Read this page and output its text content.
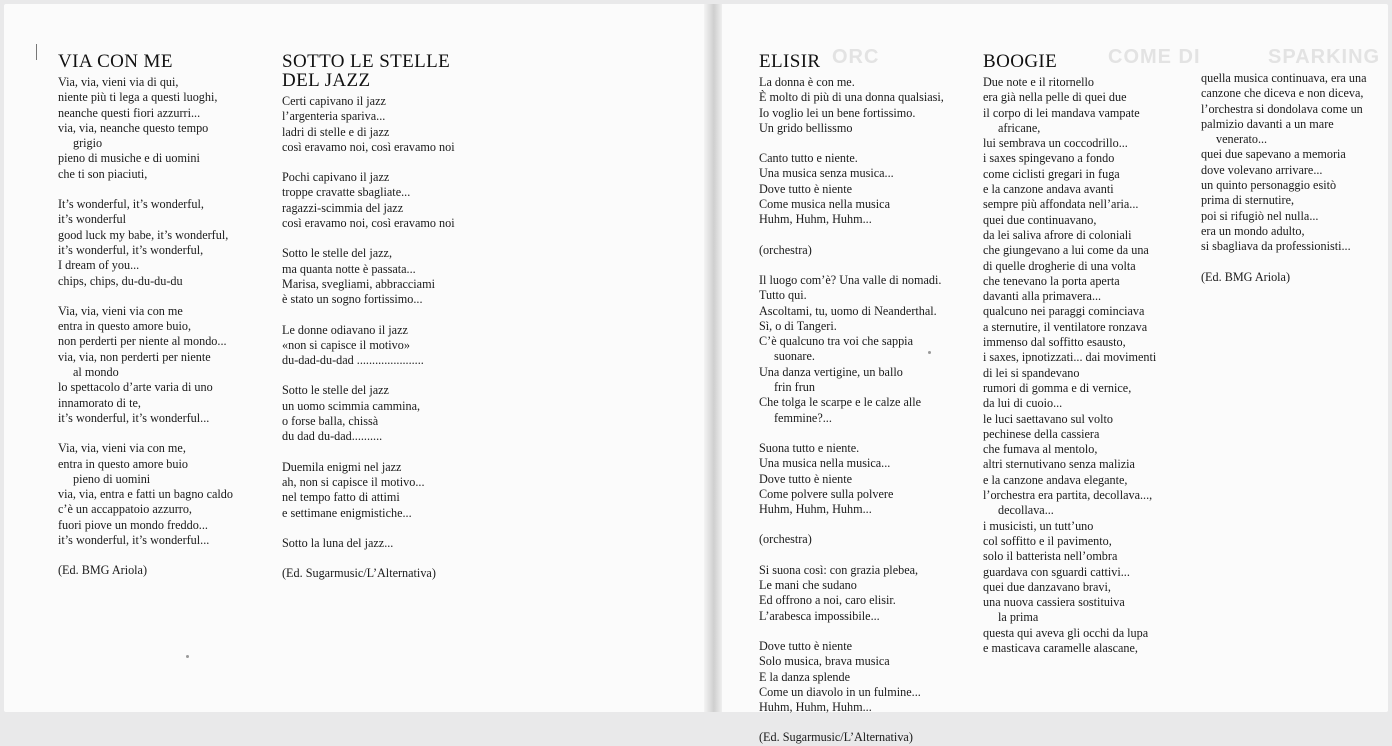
ORC	COME DI	SPARKING
VIA CON ME
Via, via, vieni via di qui,
niente più ti lega a questi luoghi,
neanche questi fiori azzurri...
via, via, neanche questo tempo
grigio
pieno di musiche e di uomini
che ti son piaciuti,
It’s wonderful, it’s wonderful,
it’s wonderful
good luck my babe, it’s wonderful,
it’s wonderful, it’s wonderful,
I dream of you...
chips, chips, du-du-du-du
Via, via, vieni via con me
entra in questo amore buio,
non perderti per niente al mondo...
via, via, non perderti per niente
al mondo
lo spettacolo d’arte varia di uno
innamorato di te,
it’s wonderful, it’s wonderful...
Via, via, vieni via con me,
entra in questo amore buio
pieno di uomini
via, via, entra e fatti un bagno caldo
c’è un accappatoio azzurro,
fuori piove un mondo freddo...
it’s wonderful, it’s wonderful...
(Ed. BMG Ariola)
SOTTO LE STELLE
DEL JAZZ
Certi capivano il jazz
l’argenteria spariva...
ladri di stelle e di jazz
così eravamo noi, così eravamo noi
Pochi capivano il jazz
troppe cravatte sbagliate...
ragazzi-scimmia del jazz
così eravamo noi, così eravamo noi
Sotto le stelle del jazz,
ma quanta notte è passata...
Marisa, svegliami, abbracciami
è stato un sogno fortissimo...
Le donne odiavano il jazz
«non si capisce il motivo»
du-dad-du-dad ......................
Sotto le stelle del jazz
un uomo scimmia cammina,
o forse balla, chissà
du dad du-dad..........
Duemila enigmi nel jazz
ah, non si capisce il motivo...
nel tempo fatto di attimi
e settimane enigmistiche...
Sotto la luna del jazz...
(Ed. Sugarmusic/L’Alternativa)
ELISIR
La donna è con me.
È molto di più di una donna qualsiasi,
Io voglio lei un bene fortissimo.
Un grido bellissmo
Canto tutto e niente.
Una musica senza musica...
Dove tutto è niente
Come musica nella musica
Huhm, Huhm, Huhm...
(orchestra)
Il luogo com’è? Una valle di nomadi.
Tutto qui.
Ascoltami, tu, uomo di Neanderthal.
Sì, o di Tangeri.
C’è qualcuno tra voi che sappia
suonare.
Una danza vertigine, un ballo
frin frun
Che tolga le scarpe e le calze alle
femmine?...
Suona tutto e niente.
Una musica nella musica...
Dove tutto è niente
Come polvere sulla polvere
Huhm, Huhm, Huhm...
(orchestra)
Si suona così: con grazia plebea,
Le mani che sudano
Ed offrono a noi, caro elisir.
L’arabesca impossibile...
Dove tutto è niente
Solo musica, brava musica
E la danza splende
Come un diavolo in un fulmine...
Huhm, Huhm, Huhm...
(Ed. Sugarmusic/L’Alternativa)
BOOGIE
Due note e il ritornello
era già nella pelle di quei due
il corpo di lei mandava vampate
africane,
lui sembrava un coccodrillo...
i saxes spingevano a fondo
come ciclisti gregari in fuga
e la canzone andava avanti
sempre più affondata nell’aria...
quei due continuavano,
da lei saliva afrore di coloniali
che giungevano a lui come da una
di quelle drogherie di una volta
che tenevano la porta aperta
davanti alla primavera...
qualcuno nei paraggi cominciava
a sternutire, il ventilatore ronzava
immenso dal soffitto esausto,
i saxes, ipnotizzati... dai movimenti
di lei si spandevano
rumori di gomma e di vernice,
da lui di cuoio...
le luci saettavano sul volto
pechinese della cassiera
che fumava al mentolo,
altri sternutivano senza malizia
e la canzone andava elegante,
l’orchestra era partita, decollava...,
decollava...
i musicisti, un tutt’uno
col soffitto e il pavimento,
solo il batterista nell’ombra
guardava con sguardi cattivi...
quei due danzavano bravi,
una nuova cassiera sostituiva
la prima
questa qui aveva gli occhi da lupa
e masticava caramelle alascane,
quella musica continuava, era una
canzone che diceva e non diceva,
l’orchestra si dondolava come un
palmizio davanti a un mare
venerato...
quei due sapevano a memoria
dove volevano arrivare...
un quinto personaggio esitò
prima di sternutire,
poi si rifugiò nel nulla...
era un mondo adulto,
si sbagliava da professionisti...
(Ed. BMG Ariola)
